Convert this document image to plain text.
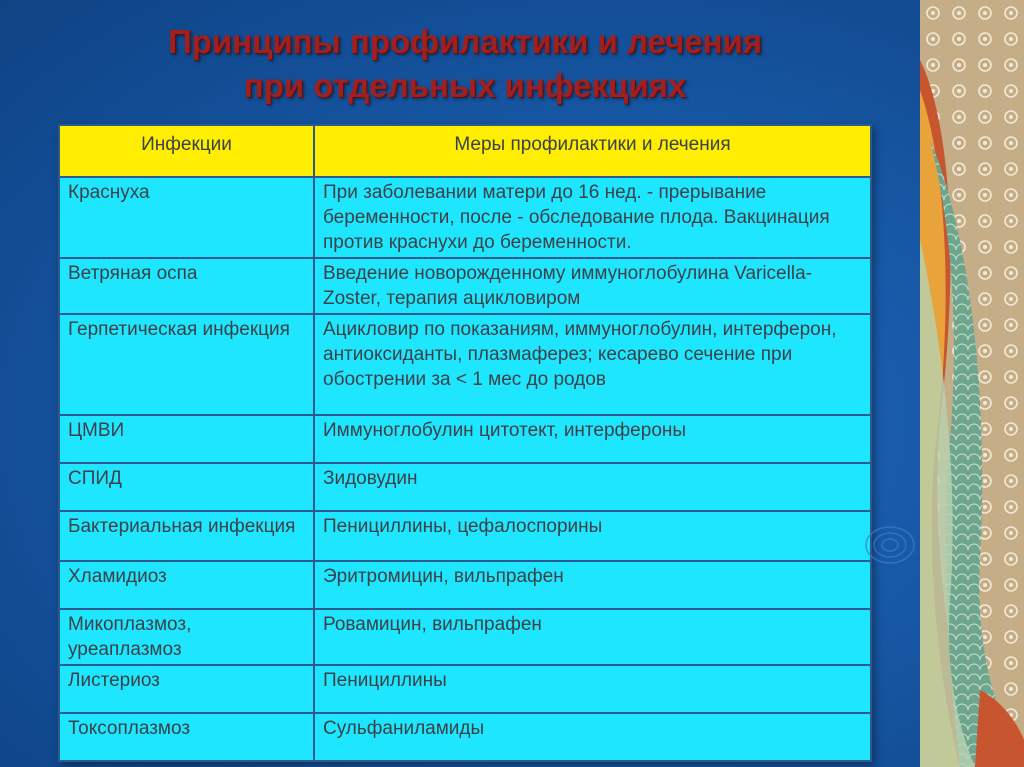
Принципы профилактики и лечения
при отдельных инфекциях
Инфекции	Меры профилактики и лечения
Краснуха	При заболевании матери до 16 нед. - прерывание беременности, после - обследование плода. Вакцинация против краснухи до беременности.
Ветряная оспа	Введение новорожденному иммуноглобулина Varicella-Zoster, терапия ацикловиром
Герпетическая инфекция	Ацикловир по показаниям, иммуноглобулин, интерферон, антиоксиданты, плазмаферез; кесарево сечение при обострении за < 1 мес до родов
ЦМВИ	Иммуноглобулин цитотект, интерфероны
СПИД	Зидовудин
Бактериальная инфекция	Пенициллины, цефалоспорины
Хламидиоз	Эритромицин, вильпрафен
Микоплазмоз, уреаплазмоз	Ровамицин, вильпрафен
Листериоз	Пенициллины
Токсоплазмоз	Сульфаниламиды
